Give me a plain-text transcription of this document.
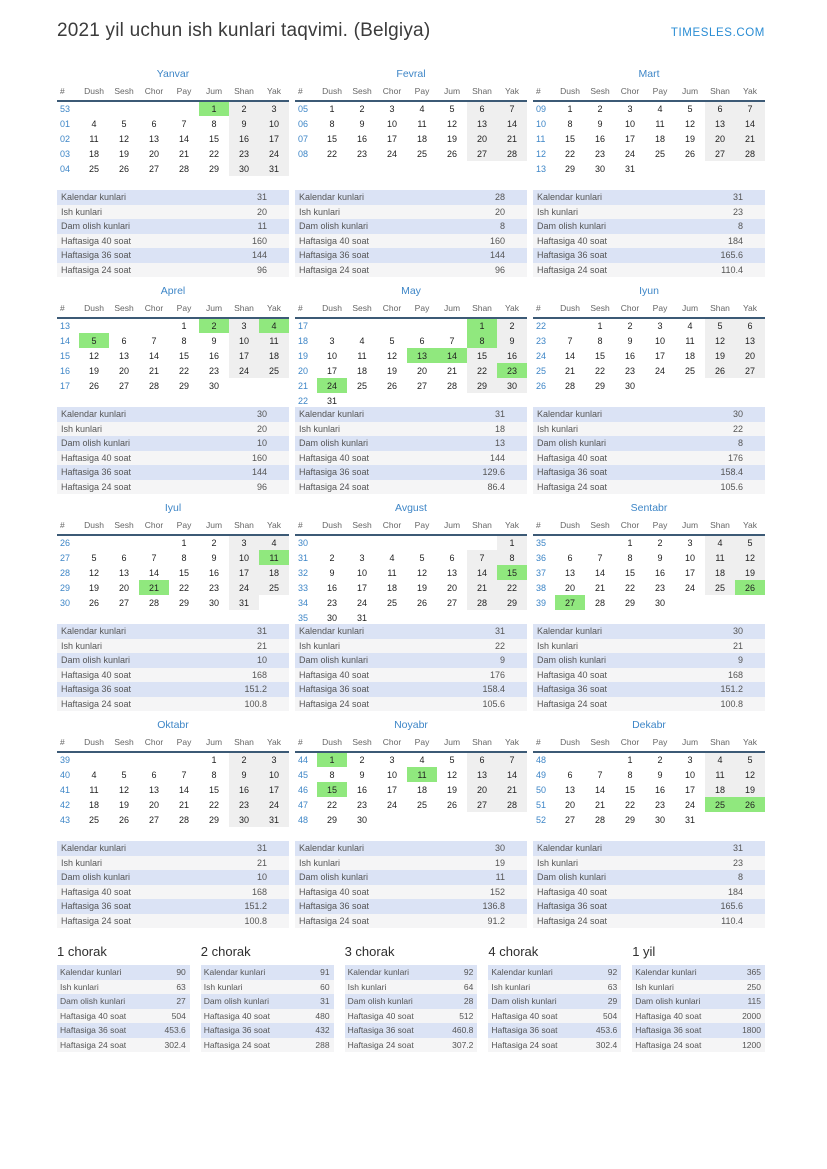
2021 yil uchun ish kunlari taqvimi. (Belgiya)	TIMESLES.COM
Yanvar
#	Dush	Sesh	Chor	Pay	Jum	Shan	Yak
53					1	2	3
01	4	5	6	7	8	9	10
02	11	12	13	14	15	16	17
03	18	19	20	21	22	23	24
04	25	26	27	28	29	30	31
Kalendar kunlari	31
Ish kunlari	20
Dam olish kunlari	11
Haftasiga 40 soat	160
Haftasiga 36 soat	144
Haftasiga 24 soat	96
Fevral
#	Dush	Sesh	Chor	Pay	Jum	Shan	Yak
05	1	2	3	4	5	6	7
06	8	9	10	11	12	13	14
07	15	16	17	18	19	20	21
08	22	23	24	25	26	27	28
Kalendar kunlari	28
Ish kunlari	20
Dam olish kunlari	8
Haftasiga 40 soat	160
Haftasiga 36 soat	144
Haftasiga 24 soat	96
Mart
#	Dush	Sesh	Chor	Pay	Jum	Shan	Yak
09	1	2	3	4	5	6	7
10	8	9	10	11	12	13	14
11	15	16	17	18	19	20	21
12	22	23	24	25	26	27	28
13	29	30	31				
Kalendar kunlari	31
Ish kunlari	23
Dam olish kunlari	8
Haftasiga 40 soat	184
Haftasiga 36 soat	165.6
Haftasiga 24 soat	110.4
Aprel
#	Dush	Sesh	Chor	Pay	Jum	Shan	Yak
13				1	2	3	4
14	5	6	7	8	9	10	11
15	12	13	14	15	16	17	18
16	19	20	21	22	23	24	25
17	26	27	28	29	30		
Kalendar kunlari	30
Ish kunlari	20
Dam olish kunlari	10
Haftasiga 40 soat	160
Haftasiga 36 soat	144
Haftasiga 24 soat	96
May
#	Dush	Sesh	Chor	Pay	Jum	Shan	Yak
17						1	2
18	3	4	5	6	7	8	9
19	10	11	12	13	14	15	16
20	17	18	19	20	21	22	23
21	24	25	26	27	28	29	30
22	31						
Kalendar kunlari	31
Ish kunlari	18
Dam olish kunlari	13
Haftasiga 40 soat	144
Haftasiga 36 soat	129.6
Haftasiga 24 soat	86.4
Iyun
#	Dush	Sesh	Chor	Pay	Jum	Shan	Yak
22		1	2	3	4	5	6
23	7	8	9	10	11	12	13
24	14	15	16	17	18	19	20
25	21	22	23	24	25	26	27
26	28	29	30				
Kalendar kunlari	30
Ish kunlari	22
Dam olish kunlari	8
Haftasiga 40 soat	176
Haftasiga 36 soat	158.4
Haftasiga 24 soat	105.6
Iyul
#	Dush	Sesh	Chor	Pay	Jum	Shan	Yak
26				1	2	3	4
27	5	6	7	8	9	10	11
28	12	13	14	15	16	17	18
29	19	20	21	22	23	24	25
30	26	27	28	29	30	31	
Kalendar kunlari	31
Ish kunlari	21
Dam olish kunlari	10
Haftasiga 40 soat	168
Haftasiga 36 soat	151.2
Haftasiga 24 soat	100.8
Avgust
#	Dush	Sesh	Chor	Pay	Jum	Shan	Yak
30							1
31	2	3	4	5	6	7	8
32	9	10	11	12	13	14	15
33	16	17	18	19	20	21	22
34	23	24	25	26	27	28	29
35	30	31					
Kalendar kunlari	31
Ish kunlari	22
Dam olish kunlari	9
Haftasiga 40 soat	176
Haftasiga 36 soat	158.4
Haftasiga 24 soat	105.6
Sentabr
#	Dush	Sesh	Chor	Pay	Jum	Shan	Yak
35			1	2	3	4	5
36	6	7	8	9	10	11	12
37	13	14	15	16	17	18	19
38	20	21	22	23	24	25	26
39	27	28	29	30			
Kalendar kunlari	30
Ish kunlari	21
Dam olish kunlari	9
Haftasiga 40 soat	168
Haftasiga 36 soat	151.2
Haftasiga 24 soat	100.8
Oktabr
#	Dush	Sesh	Chor	Pay	Jum	Shan	Yak
39					1	2	3
40	4	5	6	7	8	9	10
41	11	12	13	14	15	16	17
42	18	19	20	21	22	23	24
43	25	26	27	28	29	30	31
Kalendar kunlari	31
Ish kunlari	21
Dam olish kunlari	10
Haftasiga 40 soat	168
Haftasiga 36 soat	151.2
Haftasiga 24 soat	100.8
Noyabr
#	Dush	Sesh	Chor	Pay	Jum	Shan	Yak
44	1	2	3	4	5	6	7
45	8	9	10	11	12	13	14
46	15	16	17	18	19	20	21
47	22	23	24	25	26	27	28
48	29	30					
Kalendar kunlari	30
Ish kunlari	19
Dam olish kunlari	11
Haftasiga 40 soat	152
Haftasiga 36 soat	136.8
Haftasiga 24 soat	91.2
Dekabr
#	Dush	Sesh	Chor	Pay	Jum	Shan	Yak
48			1	2	3	4	5
49	6	7	8	9	10	11	12
50	13	14	15	16	17	18	19
51	20	21	22	23	24	25	26
52	27	28	29	30	31		
Kalendar kunlari	31
Ish kunlari	23
Dam olish kunlari	8
Haftasiga 40 soat	184
Haftasiga 36 soat	165.6
Haftasiga 24 soat	110.4
1 chorak
Kalendar kunlari	90
Ish kunlari	63
Dam olish kunlari	27
Haftasiga 40 soat	504
Haftasiga 36 soat	453.6
Haftasiga 24 soat	302.4
2 chorak
Kalendar kunlari	91
Ish kunlari	60
Dam olish kunlari	31
Haftasiga 40 soat	480
Haftasiga 36 soat	432
Haftasiga 24 soat	288
3 chorak
Kalendar kunlari	92
Ish kunlari	64
Dam olish kunlari	28
Haftasiga 40 soat	512
Haftasiga 36 soat	460.8
Haftasiga 24 soat	307.2
4 chorak
Kalendar kunlari	92
Ish kunlari	63
Dam olish kunlari	29
Haftasiga 40 soat	504
Haftasiga 36 soat	453.6
Haftasiga 24 soat	302.4
1 yil
Kalendar kunlari	365
Ish kunlari	250
Dam olish kunlari	115
Haftasiga 40 soat	2000
Haftasiga 36 soat	1800
Haftasiga 24 soat	1200
